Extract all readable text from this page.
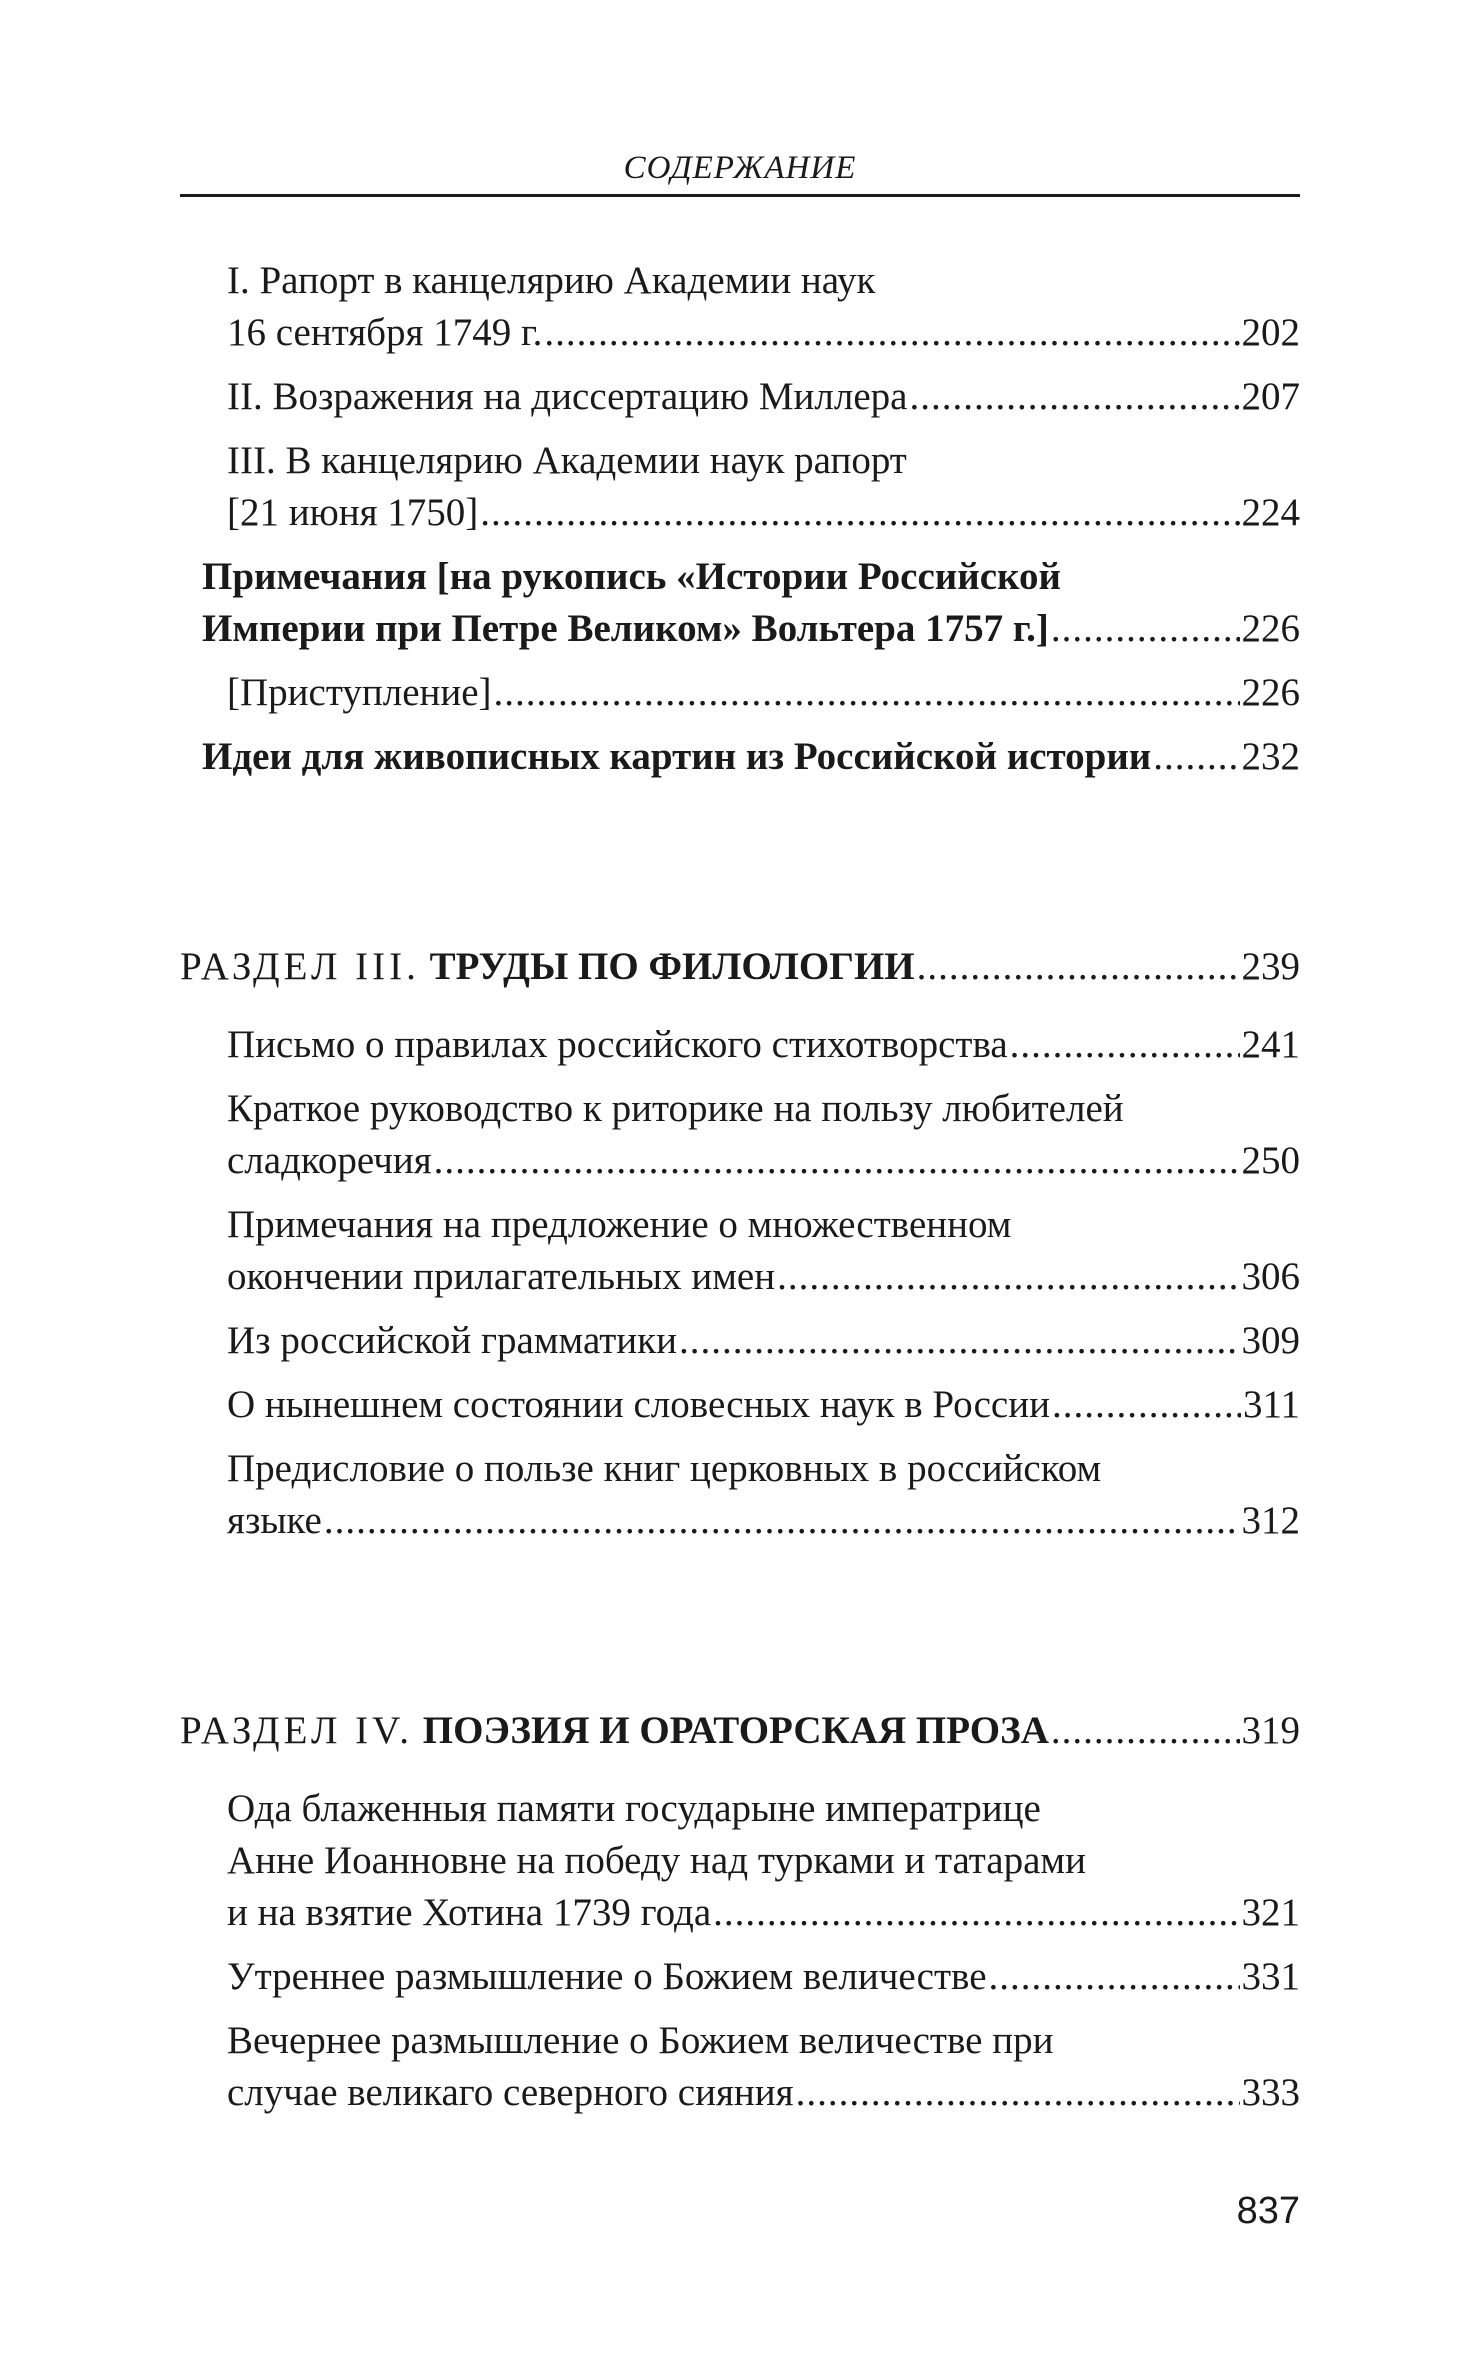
СОДЕРЖАНИЕ
I. Рапорт в канцелярию Академии наук
16 сентября 1749 г. .....	202
II. Возражения на диссертацию Миллера .....	207
III. В канцелярию Академии наук рапорт
[21 июня 1750] .....	224
Примечания [на рукопись «Истории Российской
Империи при Петре Великом» Вольтера 1757 г.] .....	226
[Приступление] .....	226
Идеи для живописных картин из Российской истории ..... 232
РАЗДЕЛ III. ТРУДЫ ПО ФИЛОЛОГИИ .....	239
Письмо о правилах российского стихотворства .....	241
Краткое руководство к риторике на пользу любителей
сладкоречия .....	250
Примечания на предложение о множественном
окончении прилагательных имен .....	306
Из российской грамматики .....	309
О нынешнем состоянии словесных наук в России .....	311
Предисловие о пользе книг церковных в российском
языке .....	312
РАЗДЕЛ IV. ПОЭЗИЯ И ОРАТОРСКАЯ ПРОЗА .....	319
Ода блаженныя памяти государыне императрице
Анне Иоанновне на победу над турками и татарами
и на взятие Хотина 1739 года .....	321
Утреннее размышление о Божием величестве .....	331
Вечернее размышление о Божием величестве при
случае великаго северного сияния .....	333
837
